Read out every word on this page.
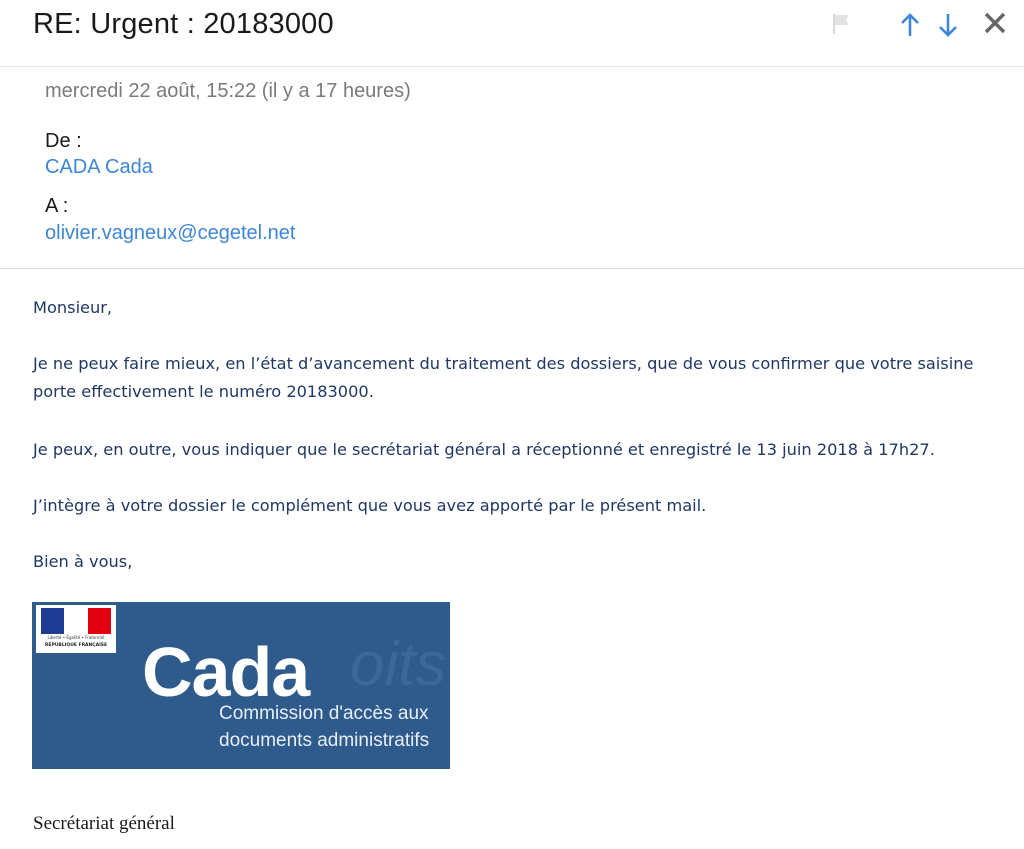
RE: Urgent : 20183000
mercredi 22 août, 15:22 (il y a 17 heures)
De :
CADA Cada
A :
olivier.vagneux@cegetel.net

Monsieur,

Je ne peux faire mieux, en l’état d’avancement du traitement des dossiers, que de vous confirmer que votre saisine porte effectivement le numéro 20183000.

Je peux, en outre, vous indiquer que le secrétariat général a réceptionné et enregistré le 13 juin 2018 à 17h27.

J’intègre à votre dossier le complément que vous avez apporté par le présent mail.

Bien à vous,

Liberté • Égalité • Fraternité
RÉPUBLIQUE FRANÇAISE	oits
Cada
Commission d'accès aux
documents administratifs
Secrétariat général
